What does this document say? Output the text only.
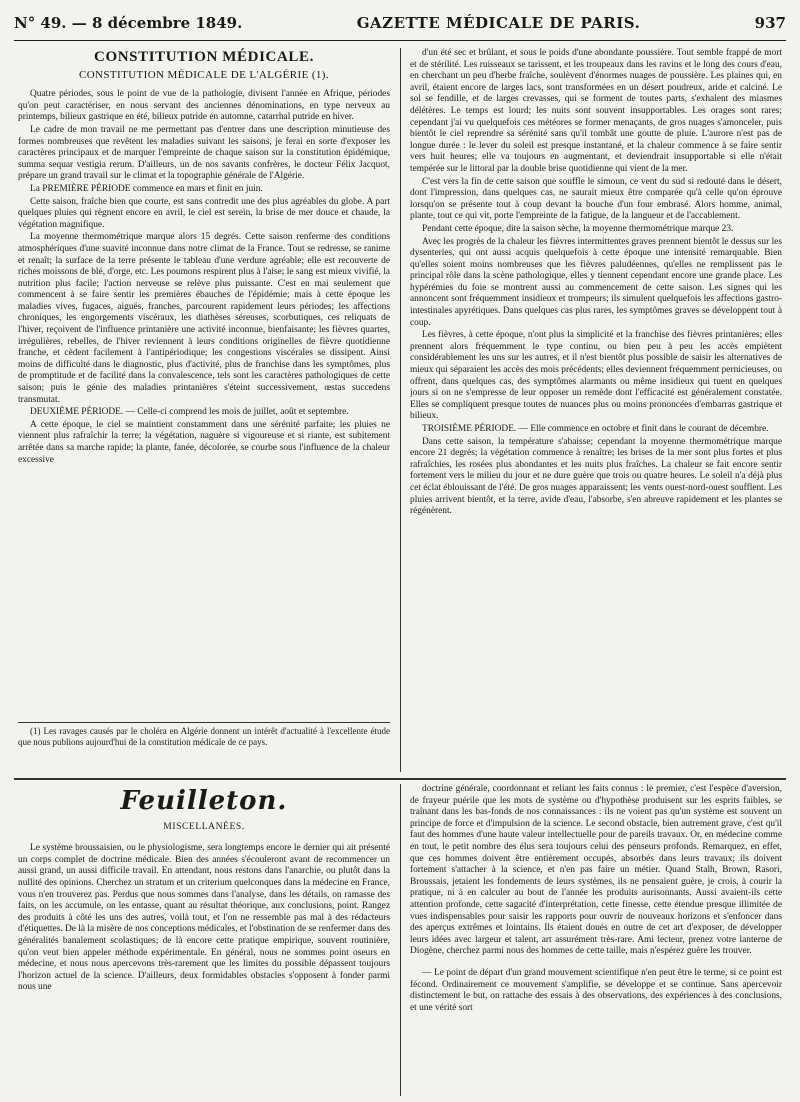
N° 49. — 8 décembre 1849.	GAZETTE MÉDICALE DE PARIS.	937
CONSTITUTION MÉDICALE.
CONSTITUTION MÉDICALE DE L'ALGÉRIE (1).

Quatre périodes, sous le point de vue de la pathologie, divisent l'année en Afrique, périodes qu'on peut caractériser, en nous servant des anciennes dénominations, en type nerveux au printemps, bilieux gastrique en été, bilieux putride en automne, catarrhal putride en hiver.

Le cadre de mon travail ne me permettant pas d'entrer dans une description minutieuse des formes nombreuses que revêtent les maladies suivant les saisons, je ferai en sorte d'exposer les caractères principaux et de marquer l'empreinte de chaque saison sur la constitution épidémique, summa sequar vestigia rerum. D'ailleurs, un de nos savants confrères, le docteur Félix Jacquot, prépare un grand travail sur le climat et la topographie générale de l'Algérie.

La PREMIÈRE PÉRIODE commence en mars et finit en juin.

Cette saison, fraîche bien que courte, est sans contredit une des plus agréables du globe. A part quelques pluies qui règnent encore en avril, le ciel est serein, la brise de mer douce et chaude, la végétation magnifique.

La moyenne thermométrique marque alors 15 degrés. Cette saison renferme des conditions atmosphériques d'une suavité inconnue dans notre climat de la France. Tout se redresse, se ranime et renaît; la surface de la terre présente le tableau d'une verdure agréable; elle est recouverte de riches moissons de blé, d'orge, etc. Les poumons respirent plus à l'aise; le sang est mieux vivifié, la nutrition plus facile; l'action nerveuse se relève plus puissante. C'est en mai seulement que commencent à se faire sentir les premières ébauches de l'épidémie; mais à cette époque les maladies vives, fugaces, aiguës, franches, parcourent rapidement leurs périodes; les affections chroniques, les engorgements viscéraux, les diathèses séreuses, scorbutiques, ces reliquats de l'hiver, reçoivent de l'influence printanière une activité inconnue, bienfaisante; les fièvres quartes, irrégulières, rebelles, de l'hiver reviennent à leurs conditions originelles de fièvre quotidienne franche, et cèdent facilement à l'antipériodique; les congestions viscérales se dissipent. Ainsi moins de difficulté dans le diagnostic, plus d'activité, plus de franchise dans les symptômes, plus de promptitude et de facilité dans la convalescence, tels sont les caractères pathologiques de cette saison; puis le génie des maladies printanières s'éteint successivement, œstas succedens transmutat.

DEUXIÈME PÉRIODE. — Celle-ci comprend les mois de juillet, août et septembre.

A cette époque, le ciel se maintient constamment dans une sérénité parfaite; les pluies ne viennent plus rafraîchir la terre; la végétation, naguère si vigoureuse et si riante, est subitement arrêtée dans sa marche rapide; la plante, fanée, décolorée, se courbe sous l'influence de la chaleur excessive

(1) Les ravages causés par le choléra en Algérie donnent un intérêt d'actualité à l'excellente étude que nous publions aujourd'hui de la constitution médicale de ce pays.

d'un été sec et brûlant, et sous le poids d'une abondante poussière. Tout semble frappé de mort et de stérilité. Les ruisseaux se tarissent, et les troupeaux dans les ravins et le long des cours d'eau, en cherchant un peu d'herbe fraîche, soulèvent d'énormes nuages de poussière. Les plaines qui, en avril, étaient encore de larges lacs, sont transformées en un désert poudreux, aride et calciné. Le sol se fendille, et de larges crevasses, qui se forment de toutes parts, s'exhalent des miasmes délétères. Le temps est lourd; les nuits sont souvent insupportables. Les orages sont rares; cependant j'ai vu quelquefois ces météores se former menaçants, de gros nuages s'amonceler, puis bientôt le ciel reprendre sa sérénité sans qu'il tombât une goutte de pluie. L'aurore n'est pas de longue durée : le lever du soleil est presque instantané, et la chaleur commence à se faire sentir vers huit heures; elle va toujours en augmentant, et deviendrait insupportable si elle n'était tempérée sur le littoral par la double brise quotidienne qui vient de la mer.

C'est vers la fin de cette saison que souffle le simoun, ce vent du sud si redouté dans le désert, dont l'impression, dans quelques cas, ne saurait mieux être comparée qu'à celle qu'on éprouve lorsqu'on se présente tout à coup devant la bouche d'un four embrasé. Alors homme, animal, plante, tout ce qui vit, porte l'empreinte de la fatigue, de la langueur et de l'accablement.

Pendant cette époque, dite la saison sèche, la moyenne thermométrique marque 23.

Avec les progrès de la chaleur les fièvres intermittentes graves prennent bientôt le dessus sur les dysenteries, qui ont aussi acquis quelquefois à cette époque une intensité remarquable. Bien qu'elles soient moins nombreuses que les fièvres paludéennes, qu'elles ne remplissent pas le principal rôle dans la scène pathologique, elles y tiennent cependant encore une grande place. Les hypérémies du foie se montrent aussi au commencement de cette saison. Les signes qui les annoncent sont fréquemment insidieux et trompeurs; ils simulent quelquefois les affections gastro-intestinales apyrétiques. Dans quelques cas plus rares, les symptômes graves se développent tout à coup.

Les fièvres, à cette époque, n'ont plus la simplicité et la franchise des fièvres printanières; elles prennent alors fréquemment le type continu, ou bien peu à peu les accès empiètent considérablement les uns sur les autres, et il n'est bientôt plus possible de saisir les alternatives de mieux qui séparaient les accès des mois précédents; elles deviennent fréquemment pernicieuses, ou offrent, dans quelques cas, des symptômes alarmants ou même insidieux qui tuent en quelques jours si on ne s'empresse de leur opposer un remède dont l'efficacité est généralement constatée. Elles se compliquent presque toutes de nuances plus ou moins prononcées d'embarras gastrique et bilieux.

TROISIÈME PÉRIODE. — Elle commence en octobre et finit dans le courant de décembre.

Dans cette saison, la température s'abaisse; cependant la moyenne thermométrique marque encore 21 degrés; la végétation commence à renaître; les brises de la mer sont plus fortes et plus rafraîchies, les rosées plus abondantes et les nuits plus fraîches. La chaleur se fait encore sentir fortement vers le milieu du jour et ne dure guère que trois ou quatre heures. Le soleil n'a déjà plus cet éclat éblouissant de l'été. De gros nuages apparaissent; les vents ouest-nord-ouest soufflent. Les pluies arrivent bientôt, et la terre, avide d'eau, l'absorbe, s'en abreuve rapidement et les plantes se régénèrent.

Feuilleton.
MISCELLANÉES.

Le système broussaisien, ou le physiologisme, sera longtemps encore le dernier qui ait présenté un corps complet de doctrine médicale. Bien des années s'écouleront avant de recommencer un aussi grand, un aussi difficile travail. En attendant, nous restons dans l'anarchie, ou plutôt dans la nullité des opinions. Cherchez un stratum et un criterium quelconques dans la médecine en France, vous n'en trouverez pas. Perdus que nous sommes dans l'analyse, dans les détails, on ramasse des faits, on les accumule, on les entasse, quant au résultat théorique, aux conclusions, point. Rangez des produits à côté les uns des autres, voilà tout, et l'on ne ressemble pas mal à des rédacteurs d'étiquettes. De là la misère de nos conceptions médicales, et l'obstination de se renfermer dans des généralités banalement scolastiques; de là encore cette pratique empirique, souvent routinière, qu'on veut bien appeler méthode expérimentale. En général, nous ne sommes point oseurs en médecine, et nous nous apercevons très-rarement que les limites du possible dépassent toujours l'horizon actuel de la science. D'ailleurs, deux formidables obstacles s'opposent à fonder parmi nous une

doctrine générale, coordonnant et reliant les faits connus : le premier, c'est l'espèce d'aversion, de frayeur puérile que les mots de système ou d'hypothèse produisent sur les esprits faibles, se traînant dans les bas-fonds de nos connaissances : ils ne voient pas qu'un système est souvent un principe de force et d'impulsion de la science. Le second obstacle, bien autrement grave, c'est qu'il faut des hommes d'une haute valeur intellectuelle pour de pareils travaux. Or, en médecine comme en tout, le petit nombre des élus sera toujours celui des penseurs profonds. Remarquez, en effet, que ces hommes doivent être entièrement occupés, absorbés dans leurs travaux; ils doivent fortement s'attacher à la science, et n'en pas faire un métier. Quand Stalh, Brown, Rasori, Broussais, jetaient les fondements de leurs systèmes, ils ne pensaient guère, je crois, à courir la pratique, ni à en calculer au bout de l'année les produits aurisonnants. Aussi avaient-ils cette attention profonde, cette sagacité d'interprétation, cette finesse, cette étendue presque illimitée de vues indispensables pour saisir les rapports pour ouvrir de nouveaux horizons et s'enfoncer dans des aperçus extrêmes et lointains. Ils étaient doués en outre de cet art d'exposer, de développer leurs idées avec largeur et talent, art assurément très-rare. Ami lecteur, prenez votre lanterne de Diogène, cherchez parmi nous des hommes de cette taille, mais n'espérez guère les trouver.

— Le point de départ d'un grand mouvement scientifique n'en peut être le terme, si ce point est fécond. Ordinairement ce mouvement s'amplifie, se développe et se continue. Sans apercevoir distinctement le but, on rattache des essais à des observations, des expériences à des conclusions, et une vérité sort
